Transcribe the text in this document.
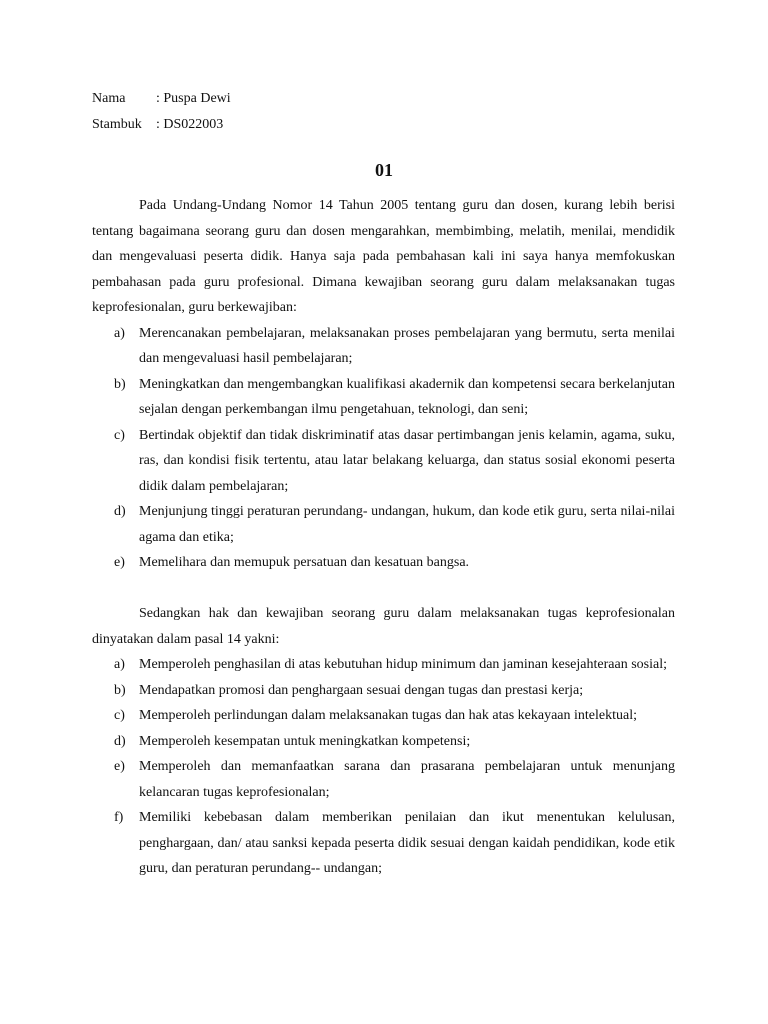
Nama : Puspa Dewi
Stambuk : DS022003
01

Pada Undang-Undang Nomor 14 Tahun 2005 tentang guru dan dosen, kurang lebih berisi tentang bagaimana seorang guru dan dosen mengarahkan, membimbing, melatih, menilai, mendidik dan mengevaluasi peserta didik. Hanya saja pada pembahasan kali ini saya hanya memfokuskan pembahasan pada guru profesional. Dimana kewajiban seorang guru dalam melaksanakan tugas keprofesionalan, guru berkewajiban:

a) Merencanakan pembelajaran, melaksanakan proses pembelajaran yang bermutu, serta menilai dan mengevaluasi hasil pembelajaran;
b) Meningkatkan dan mengembangkan kualifikasi akadernik dan kompetensi secara berkelanjutan sejalan dengan perkembangan ilmu pengetahuan, teknologi, dan seni;
c) Bertindak objektif dan tidak diskriminatif atas dasar pertimbangan jenis kelamin, agama, suku, ras, dan kondisi fisik tertentu, atau latar belakang keluarga, dan status sosial ekonomi peserta didik dalam pembelajaran;
d) Menjunjung tinggi peraturan perundang- undangan, hukum, dan kode etik guru, serta nilai-nilai agama dan etika;
e) Memelihara dan memupuk persatuan dan kesatuan bangsa.

Sedangkan hak dan kewajiban seorang guru dalam melaksanakan tugas keprofesionalan dinyatakan dalam pasal 14 yakni:

a) Memperoleh penghasilan di atas kebutuhan hidup minimum dan jaminan kesejahteraan sosial;
b) Mendapatkan promosi dan penghargaan sesuai dengan tugas dan prestasi kerja;
c) Memperoleh perlindungan dalam melaksanakan tugas dan hak atas kekayaan intelektual;
d) Memperoleh kesempatan untuk meningkatkan kompetensi;
e) Memperoleh dan memanfaatkan sarana dan prasarana pembelajaran untuk menunjang kelancaran tugas keprofesionalan;
f) Memiliki kebebasan dalam memberikan penilaian dan ikut menentukan kelulusan, penghargaan, dan/ atau sanksi kepada peserta didik sesuai dengan kaidah pendidikan, kode etik guru, dan peraturan perundang-- undangan;
